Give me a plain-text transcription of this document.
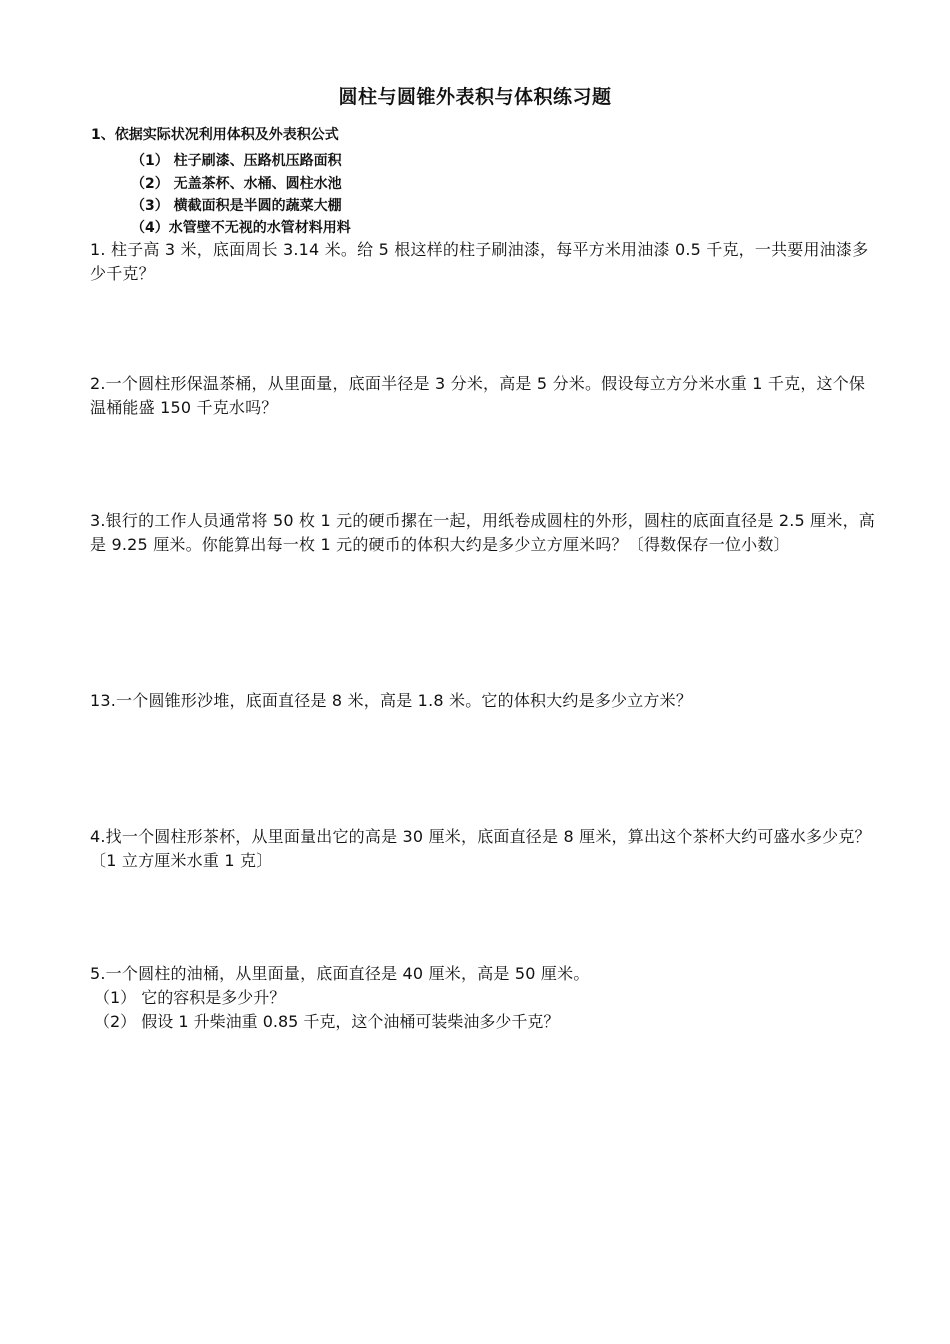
圆柱与圆锥外表积与体积练习题
1、依据实际状况利用体积及外表积公式
（1） 柱子刷漆、压路机压路面积
（2） 无盖茶杯、水桶、圆柱水池
（3） 横截面积是半圆的蔬菜大棚
（4）水管壁不无视的水管材料用料
1. 柱子高 3 米，底面周长 3.14 米。给 5 根这样的柱子刷油漆，每平方米用油漆 0.5 千克，一共要用油漆多少千克？
2.一个圆柱形保温茶桶，从里面量，底面半径是 3 分米，高是 5 分米。假设每立方分米水重 1 千克，这个保温桶能盛 150 千克水吗？
3.银行的工作人员通常将 50 枚 1 元的硬币摞在一起，用纸卷成圆柱的外形，圆柱的底面直径是 2.5 厘米，高是 9.25 厘米。你能算出每一枚 1 元的硬币的体积大约是多少立方厘米吗？〔得数保存一位小数〕
13.一个圆锥形沙堆，底面直径是 8 米，高是 1.8 米。它的体积大约是多少立方米？
4.找一个圆柱形茶杯，从里面量出它的高是 30 厘米，底面直径是 8 厘米，算出这个茶杯大约可盛水多少克？〔1 立方厘米水重 1 克〕
5.一个圆柱的油桶，从里面量，底面直径是 40 厘米，高是 50 厘米。
（1） 它的容积是多少升？
（2） 假设 1 升柴油重 0.85 千克，这个油桶可装柴油多少千克？
